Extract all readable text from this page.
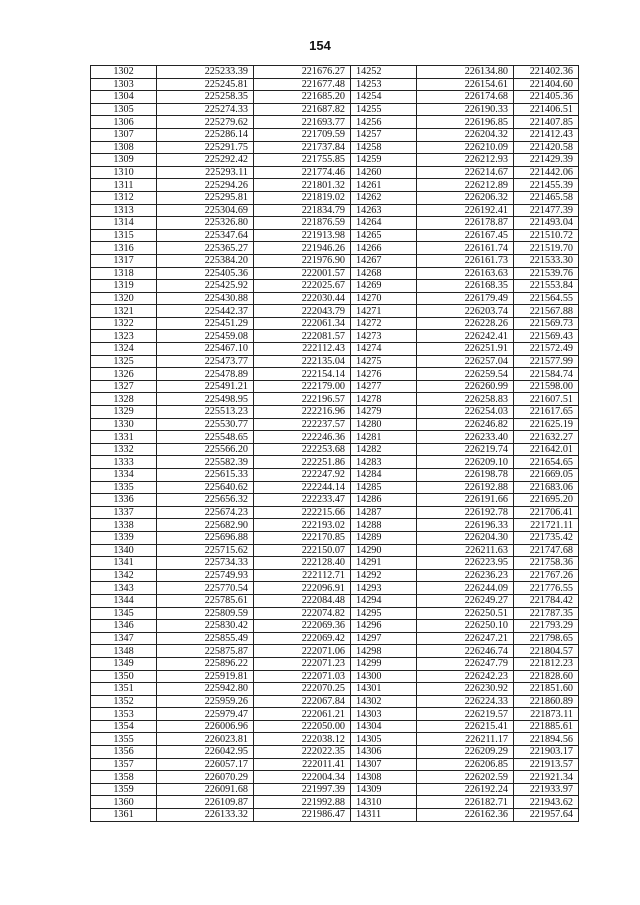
154
1302	225233.39	221676.27	14252	226134.80	221402.36
1303	225245.81	221677.48	14253	226154.61	221404.60
1304	225258.35	221685.20	14254	226174.68	221405.36
1305	225274.33	221687.82	14255	226190.33	221406.51
1306	225279.62	221693.77	14256	226196.85	221407.85
1307	225286.14	221709.59	14257	226204.32	221412.43
1308	225291.75	221737.84	14258	226210.09	221420.58
1309	225292.42	221755.85	14259	226212.93	221429.39
1310	225293.11	221774.46	14260	226214.67	221442.06
1311	225294.26	221801.32	14261	226212.89	221455.39
1312	225295.81	221819.02	14262	226206.32	221465.58
1313	225304.69	221834.79	14263	226192.41	221477.39
1314	225326.80	221876.59	14264	226178.87	221493.04
1315	225347.64	221913.98	14265	226167.45	221510.72
1316	225365.27	221946.26	14266	226161.74	221519.70
1317	225384.20	221976.90	14267	226161.73	221533.30
1318	225405.36	222001.57	14268	226163.63	221539.76
1319	225425.92	222025.67	14269	226168.35	221553.84
1320	225430.88	222030.44	14270	226179.49	221564.55
1321	225442.37	222043.79	14271	226203.74	221567.88
1322	225451.29	222061.34	14272	226228.26	221569.73
1323	225459.08	222081.57	14273	226242.41	221569.43
1324	225467.10	222112.43	14274	226251.91	221572.49
1325	225473.77	222135.04	14275	226257.04	221577.99
1326	225478.89	222154.14	14276	226259.54	221584.74
1327	225491.21	222179.00	14277	226260.99	221598.00
1328	225498.95	222196.57	14278	226258.83	221607.51
1329	225513.23	222216.96	14279	226254.03	221617.65
1330	225530.77	222237.57	14280	226246.82	221625.19
1331	225548.65	222246.36	14281	226233.40	221632.27
1332	225566.20	222253.68	14282	226219.74	221642.01
1333	225582.39	222251.86	14283	226209.10	221654.65
1334	225615.33	222247.92	14284	226198.78	221669.05
1335	225640.62	222244.14	14285	226192.88	221683.06
1336	225656.32	222233.47	14286	226191.66	221695.20
1337	225674.23	222215.66	14287	226192.78	221706.41
1338	225682.90	222193.02	14288	226196.33	221721.11
1339	225696.88	222170.85	14289	226204.30	221735.42
1340	225715.62	222150.07	14290	226211.63	221747.68
1341	225734.33	222128.40	14291	226223.95	221758.36
1342	225749.93	222112.71	14292	226236.23	221767.26
1343	225770.54	222096.91	14293	226244.09	221776.55
1344	225785.61	222084.48	14294	226249.27	221784.42
1345	225809.59	222074.82	14295	226250.51	221787.35
1346	225830.42	222069.36	14296	226250.10	221793.29
1347	225855.49	222069.42	14297	226247.21	221798.65
1348	225875.87	222071.06	14298	226246.74	221804.57
1349	225896.22	222071.23	14299	226247.79	221812.23
1350	225919.81	222071.03	14300	226242.23	221828.60
1351	225942.80	222070.25	14301	226230.92	221851.60
1352	225959.26	222067.84	14302	226224.33	221860.89
1353	225979.47	222061.21	14303	226219.57	221873.11
1354	226006.96	222050.00	14304	226215.41	221885.61
1355	226023.81	222038.12	14305	226211.17	221894.56
1356	226042.95	222022.35	14306	226209.29	221903.17
1357	226057.17	222011.41	14307	226206.85	221913.57
1358	226070.29	222004.34	14308	226202.59	221921.34
1359	226091.68	221997.39	14309	226192.24	221933.97
1360	226109.87	221992.88	14310	226182.71	221943.62
1361	226133.32	221986.47	14311	226162.36	221957.64
